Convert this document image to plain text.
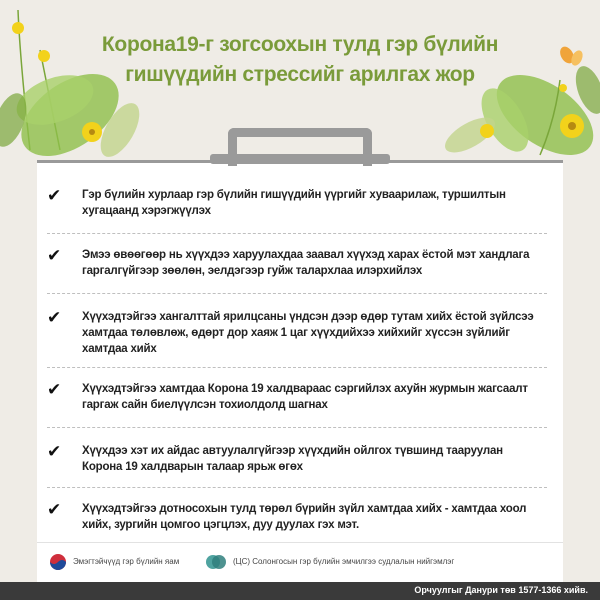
Корона19-г зогсоохын тулд гэр бүлийн
гишүүдийн стрессийг арилгах жор
✔ Гэр бүлийн хурлаар гэр бүлийн гишүүдийн үүргийг хуваарилаж, туршилтын хугацаанд хэрэгжүүлэх
✔ Эмээ өвөөгөөр нь хүүхдээ харуулахдаа заавал хүүхэд харах ёстой мэт хандлага гаргалгүйгээр зөөлөн, эелдэгээр гуйж талархлаа илэрхийлэх
✔ Хүүхэдтэйгээ хангалттай ярилцсаны үндсэн дээр өдөр тутам хийх ёстой зүйлсээ хамтдаа төлөвлөж, өдөрт дор хаяж 1 цаг хүүхдийхээ хийхийг хүссэн зүйлийг хамтдаа хийх
✔ Хүүхэдтэйгээ хамтдаа Корона 19 халдвараас сэргийлэх ахуйн журмын жагсаалт гаргаж сайн биелүүлсэн тохиолдолд шагнах
✔ Хүүхдээ хэт их айдас автуулалгүйгээр хүүхдийн ойлгох түвшинд тааруулан Корона 19 халдварын талаар ярьж өгөх
✔ Хүүхэдтэйгээ дотносохын тулд төрөл бүрийн зүйл хамтдаа хийх - хамтдаа хоол хийх, зургийн цомгоо цэгцлэх, дуу дуулах гэх мэт.
Эмэгтэйчүүд гэр бүлийн яам	(ЦС) Солонгосын гэр бүлийн эмчилгээ судлалын нийгэмлэг
Орчуулгыг Данури төв 1577-1366 хийв.
